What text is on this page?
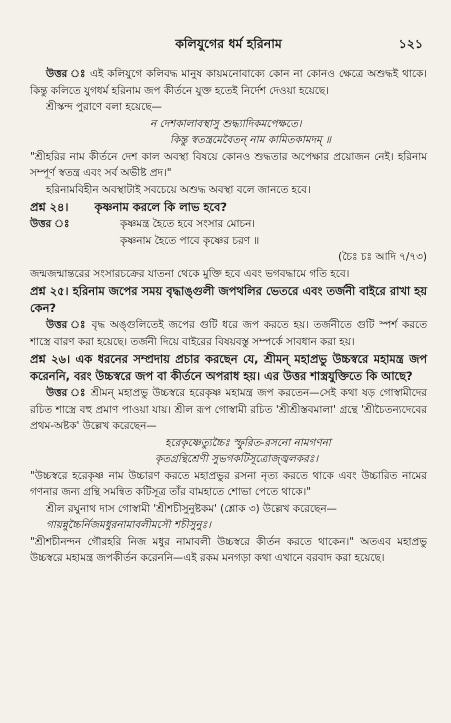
কলিযুগের ধর্ম হরিনাম	১২১

উত্তর ঃ এই কলিযুগে কলিবদ্ধ মানুষ কায়মনোবাক্যে কোন না কোনও ক্ষেত্রে অশুদ্ধই থাকে। কিন্তু কলিতে যুগধর্ম হরিনাম জপ কীর্তনে যুক্ত হতেই নির্দেশ দেওয়া হয়েছে।

শ্রীস্কন্দ পুরাণে বলা হয়েছে—

ন দেশকালাবস্থাসু শুদ্ধ্যাদিকমপেক্ষতে।
কিন্তু স্বতন্ত্রমেবৈতন্ নাম কামিতকামদম্ ॥

"শ্রীহরির নাম কীর্তনে দেশ কাল অবস্থা বিষয়ে কোনও শুদ্ধতার অপেক্ষার প্রয়োজন নেই। হরিনাম সম্পূর্ণ স্বতন্ত্র এবং সর্ব অভীষ্ট প্রদ।"

হরিনামবিহীন অবস্থাটাই সবচেয়ে অশুদ্ধ অবস্থা বলে জানতে হবে।

প্রশ্ন ২৪। কৃষ্ণনাম করলে কি লাভ হবে?
উত্তর ঃ	কৃষ্ণমন্ত্র হৈতে হবে সংসার মোচন।
কৃষ্ণনাম হৈতে পাবে কৃষ্ণের চরণ ॥
(চৈঃ চঃ আদি ৭/৭৩)

জন্মজন্মান্তরের সংসারচক্রের যাতনা থেকে মুক্তি হবে এবং ভগবদ্ধামে গতি হবে।

প্রশ্ন ২৫। হরিনাম জপের সময় বৃদ্ধাঙ্গুলী জপথলির ভেতরে এবং তর্জনী বাইরে রাখা হয় কেন?

উত্তর ঃ বৃদ্ধ অঙ্গুলিতেই জপের গুটি ধরে জপ করতে হয়। তর্জনীতে গুটি স্পর্শ করতে শাস্ত্রে বারণ করা হয়েছে। তর্জনী দিয়ে বাইরের বিষয়বস্তু সম্পর্কে সাবধান করা হয়।

প্রশ্ন ২৬। এক ধরনের সম্প্রদায় প্রচার করছেন যে, শ্রীমন্‌ মহাপ্রভু উচ্চস্বরে মহামন্ত্র জপ করেননি, বরং উচ্চস্বরে জপ বা কীর্তনে অপরাধ হয়। এর উত্তর শাস্ত্রযুক্তিতে কি আছে?

উত্তর ঃ শ্রীমন্‌ মহাপ্রভু উচ্চস্বরে হরেকৃষ্ণ মহামন্ত্র জপ করতেন—সেই কথা ষড় গোস্বামীদের রচিত শাস্ত্রে বহু প্রমাণ পাওয়া যায়। শ্রীল রূপ গোস্বামী রচিত 'শ্রীশ্রীস্তবমালা' গ্রন্থে 'শ্রীচৈতন্যদেবের প্রথম-অষ্টক' উল্লেখ করেছেন—

হরেকৃষ্ণেত্যুচ্চৈঃ স্ফুরিত-রসনো নামগণনা
কৃতগ্রন্থিশ্রেণী সুভগকটিসূত্রোজ্জ্বলকরঃ।

"উচ্চস্বরে হরেকৃষ্ণ নাম উচ্চারণ করতে মহাপ্রভুর রসনা নৃত্য করতে থাকে এবং উচ্চারিত নামের গণনার জন্য গ্রন্থি সমন্বিত কটিসূত্র তাঁর বামহাতে শোভা পেতে থাকে।"

শ্রীল রঘুনাথ দাস গোস্বামী 'শ্রীশচীসুনুষ্টকম' (শ্লোক ৩) উল্লেখ করেছেন—

গায়ন্নুচ্চৈর্নিজমধুরনামাবলীমসৌ শচীসুনুঃ।

"শ্রীশচীনন্দন গৌরহরি নিজ মধুর নামাবলী উচ্চস্বরে কীর্তন করতে থাকেন।" অতএব মহাপ্রভু উচ্চস্বরে মহামন্ত্র জপকীর্তন করেননি—এই রকম মনগড়া কথা এখানে বরবাদ করা হয়েছে।
